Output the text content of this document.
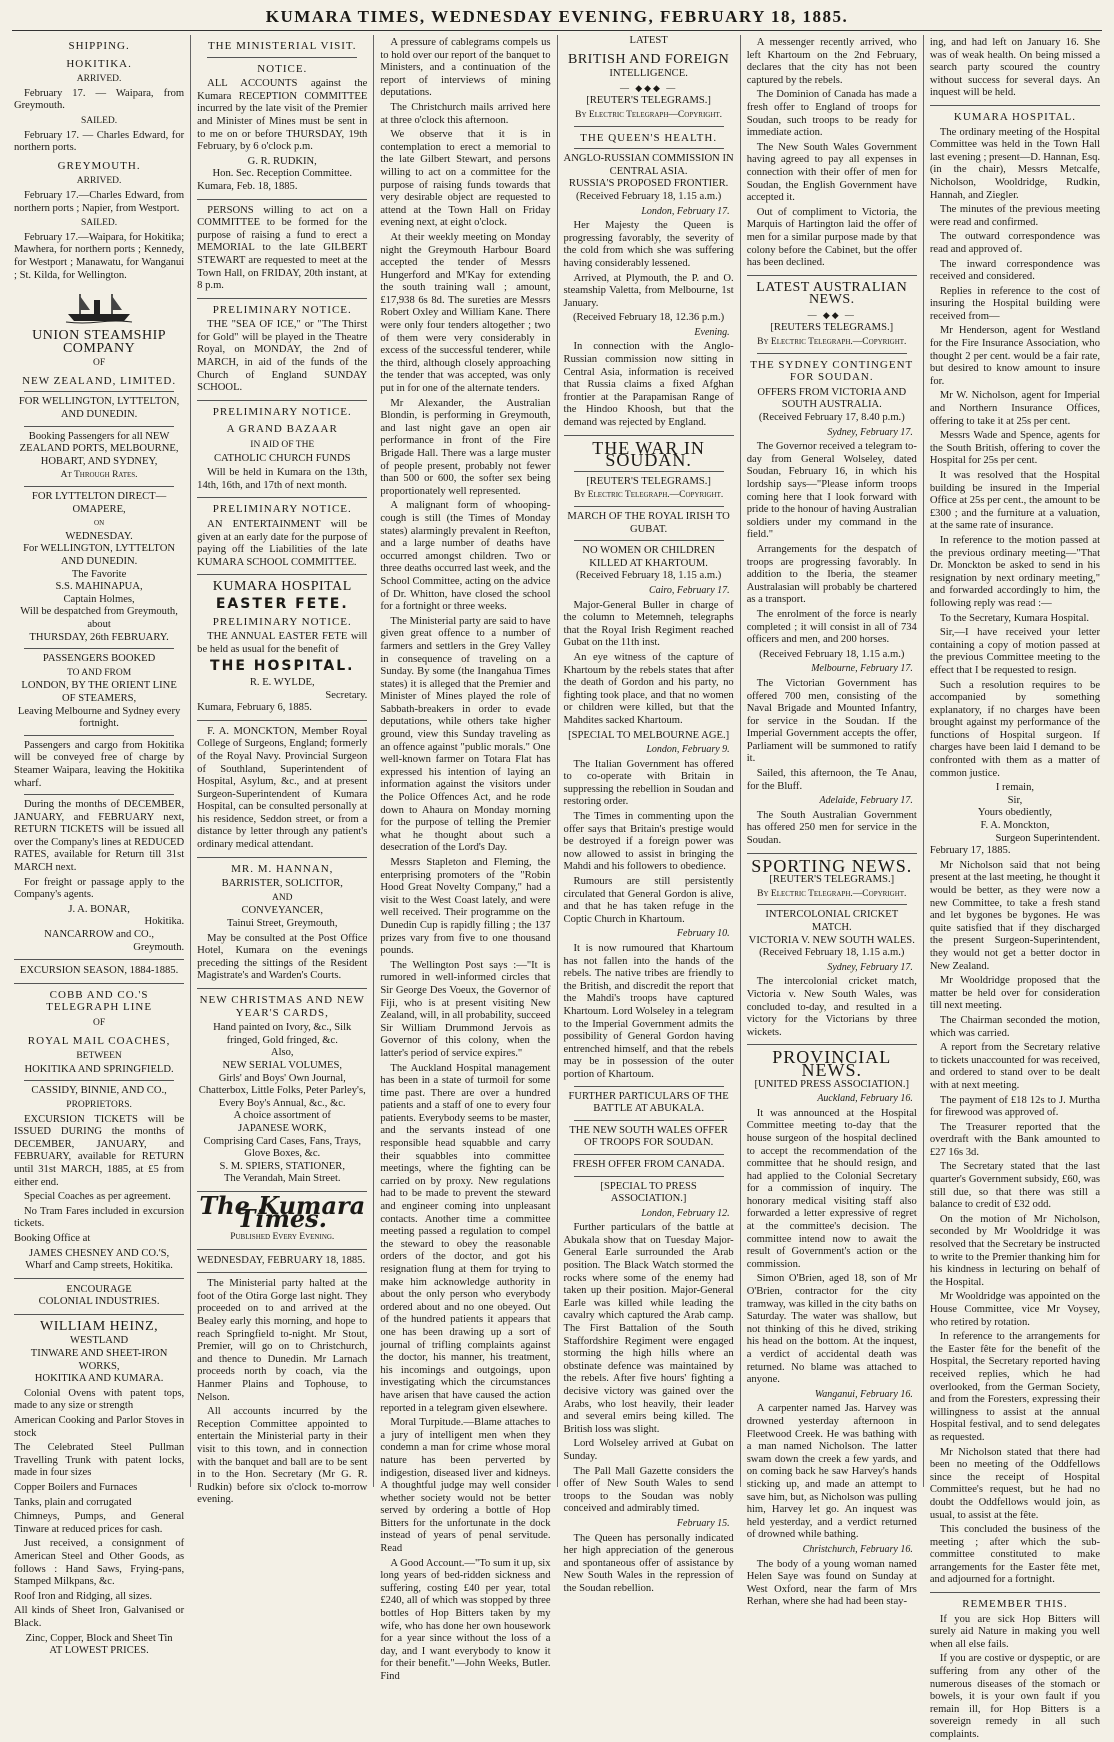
KUMARA TIMES, WEDNESDAY EVENING, FEBRUARY 18, 1885.
SHIPPING.
HOKITIKA.
ARRIVED.

February 17. — Waipara, from Greymouth.

SAILED.

February 17. — Charles Edward, for northern ports.

GREYMOUTH.
ARRIVED.

February 17.—Charles Edward, from northern ports ; Napier, from Westport.

SAILED.

February 17.—Waipara, for Hokitika; Mawhera, for northern ports ; Kennedy, for Westport ; Manawatu, for Wanganui ; St. Kilda, for Wellington.

UNION STEAMSHIP COMPANY
OF
NEW ZEALAND, LIMITED.
FOR WELLINGTON, LYTTELTON, AND DUNEDIN.
Booking Passengers for all NEW ZEALAND PORTS, MELBOURNE, HOBART, AND SYDNEY,
At Through Rates.
FOR LYTTELTON DIRECT— OMAPERE,
on
WEDNESDAY.
For WELLINGTON, LYTTELTON AND DUNEDIN.
The Favorite
S.S. MAHINAPUA,
Captain Holmes,
Will be despatched from Greymouth, about
THURSDAY, 26th FEBRUARY.
PASSENGERS BOOKED
TO AND FROM
LONDON, BY THE ORIENT LINE OF STEAMERS,
Leaving Melbourne and Sydney every fortnight.

Passengers and cargo from Hokitika will be conveyed free of charge by Steamer Waipara, leaving the Hokitika wharf.

During the months of DECEMBER, JANUARY, and FEBRUARY next, RETURN TICKETS will be issued all over the Company's lines at REDUCED RATES, available for Return till 31st MARCH next.

For freight or passage apply to the Company's agents.

J. A. BONAR,
Hokitika.
NANCARROW and CO.,
Greymouth.
EXCURSION SEASON, 1884-1885.
COBB AND CO.'S TELEGRAPH LINE
OF
ROYAL MAIL COACHES,
BETWEEN
HOKITIKA AND SPRINGFIELD.
CASSIDY, BINNIE, AND CO.,
PROPRIETORS.

EXCURSION TICKETS will be ISSUED DURING the months of DECEMBER, JANUARY, and FEBRUARY, available for RETURN until 31st MARCH, 1885, at £5 from either end.

Special Coaches as per agreement.

No Tram Fares included in excursion tickets.

Booking Office at

JAMES CHESNEY AND CO.'S,
Wharf and Camp streets, Hokitika.
ENCOURAGE
COLONIAL INDUSTRIES.
WILLIAM HEINZ,
WESTLAND
TINWARE AND SHEET-IRON WORKS,
HOKITIKA AND KUMARA.

Colonial Ovens with patent tops, made to any size or strength

American Cooking and Parlor Stoves in stock

The Celebrated Steel Pullman Travelling Trunk with patent locks, made in four sizes

Copper Boilers and Furnaces

Tanks, plain and corrugated

Chimneys, Pumps, and General Tinware at reduced prices for cash.

Just received, a consignment of American Steel and Other Goods, as follows : Hand Saws, Frying-pans, Stamped Milkpans, &c.

Roof Iron and Ridging, all sizes.

All kinds of Sheet Iron, Galvanised or Black.

Zinc, Copper, Block and Sheet Tin
AT LOWEST PRICES.
THE MINISTERIAL VISIT.
NOTICE.

ALL ACCOUNTS against the Kumara RECEPTION COMMITTEE incurred by the late visit of the Premier and Minister of Mines must be sent in to me on or before THURSDAY, 19th February, by 6 o'clock p.m.

G. R. RUDKIN,
Hon. Sec. Reception Committee.
Kumara, Feb. 18, 1885.

PERSONS willing to act on a COMMITTEE to be formed for the purpose of raising a fund to erect a MEMORIAL to the late GILBERT STEWART are requested to meet at the Town Hall, on FRIDAY, 20th instant, at 8 p.m.

PRELIMINARY NOTICE.

THE "SEA OF ICE," or "The Thirst for Gold" will be played in the Theatre Royal, on MONDAY, the 2nd of MARCH, in aid of the funds of the Church of England SUNDAY SCHOOL.

PRELIMINARY NOTICE.
A GRAND BAZAAR
IN AID OF THE
CATHOLIC CHURCH FUNDS

Will be held in Kumara on the 13th, 14th, 16th, and 17th of next month.

PRELIMINARY NOTICE.

AN ENTERTAINMENT will be given at an early date for the purpose of paying off the Liabilities of the late KUMARA SCHOOL COMMITTEE.

KUMARA HOSPITAL
EASTER FETE.
PRELIMINARY NOTICE.

THE ANNUAL EASTER FETE will be held as usual for the benefit of

THE HOSPITAL.
R. E. WYLDE,
Secretary.
Kumara, February 6, 1885.

F. A. MONCKTON, Member Royal College of Surgeons, England; formerly of the Royal Navy. Provincial Surgeon of Southland, Superintendent of Hospital, Asylum, &c., and at present Surgeon-Superintendent of Kumara Hospital, can be consulted personally at his residence, Seddon street, or from a distance by letter through any patient's ordinary medical attendant.

MR. M. HANNAN,
BARRISTER, SOLICITOR,
AND
CONVEYANCER,
Tainui Street, Greymouth,

May be consulted at the Post Office Hotel, Kumara on the evenings preceding the sittings of the Resident Magistrate's and Warden's Courts.

NEW CHRISTMAS AND NEW YEAR'S CARDS,
Hand painted on Ivory, &c., Silk fringed, Gold fringed, &c.
Also,
NEW SERIAL VOLUMES,
Girls' and Boys' Own Journal, Chatterbox, Little Folks, Peter Parley's, Every Boy's Annual, &c., &c.
A choice assortment of
JAPANESE WORK,
Comprising Card Cases, Fans, Trays, Glove Boxes, &c.
S. M. SPIERS, STATIONER,
The Verandah, Main Street.
The Kumara Times.
Published Every Evening.
WEDNESDAY, FEBRUARY 18, 1885.

The Ministerial party halted at the foot of the Otira Gorge last night. They proceeded on to and arrived at the Bealey early this morning, and hope to reach Springfield to-night. Mr Stout, Premier, will go on to Christchurch, and thence to Dunedin. Mr Larnach proceeds north by coach, via the Hanmer Plains and Tophouse, to Nelson.

All accounts incurred by the Reception Committee appointed to entertain the Ministerial party in their visit to this town, and in connection with the banquet and ball are to be sent in to the Hon. Secretary (Mr G. R. Rudkin) before six o'clock to-morrow evening.

A pressure of cablegrams compels us to hold over our report of the banquet to Ministers, and a continuation of the report of interviews of mining deputations.

The Christchurch mails arrived here at three o'clock this afternoon.

We observe that it is in contemplation to erect a memorial to the late Gilbert Stewart, and persons willing to act on a committee for the purpose of raising funds towards that very desirable object are requested to attend at the Town Hall on Friday evening next, at eight o'clock.

At their weekly meeting on Monday night the Greymouth Harbour Board accepted the tender of Messrs Hungerford and M'Kay for extending the south training wall ; amount, £17,938 6s 8d. The sureties are Messrs Robert Oxley and William Kane. There were only four tenders altogether ; two of them were very considerably in excess of the successful tenderer, while the third, although closely approaching the tender that was accepted, was only put in for one of the alternate tenders.

Mr Alexander, the Australian Blondin, is performing in Greymouth, and last night gave an open air performance in front of the Fire Brigade Hall. There was a large muster of people present, probably not fewer than 500 or 600, the softer sex being proportionately well represented.

A malignant form of whooping-cough is still (the Times of Monday states) alarmingly prevalent in Reefton, and a large number of deaths have occurred amongst children. Two or three deaths occurred last week, and the School Committee, acting on the advice of Dr. Whitton, have closed the school for a fortnight or three weeks.

The Ministerial party are said to have given great offence to a number of farmers and settlers in the Grey Valley in consequence of traveling on a Sunday. By some (the Inangahua Times states) it is alleged that the Premier and Minister of Mines played the role of Sabbath-breakers in order to evade deputations, while others take higher ground, view this Sunday traveling as an offence against "public morals." One well-known farmer on Totara Flat has expressed his intention of laying an information against the visitors under the Police Offences Act, and he rode down to Ahaura on Monday morning for the purpose of telling the Premier what he thought about such a desecration of the Lord's Day.

Messrs Stapleton and Fleming, the enterprising promoters of the "Robin Hood Great Novelty Company," had a visit to the West Coast lately, and were well received. Their programme on the Dunedin Cup is rapidly filling ; the 137 prizes vary from five to one thousand pounds.

The Wellington Post says :—"It is rumored in well-informed circles that Sir George Des Voeux, the Governor of Fiji, who is at present visiting New Zealand, will, in all probability, succeed Sir William Drummond Jervois as Governor of this colony, when the latter's period of service expires."

The Auckland Hospital management has been in a state of turmoil for some time past. There are over a hundred patients and a staff of one to every four patients. Everybody seems to be master, and the servants instead of one responsible head squabble and carry their squabbles into committee meetings, where the fighting can be carried on by proxy. New regulations had to be made to prevent the steward and engineer coming into unpleasant contacts. Another time a committee meeting passed a regulation to compel the steward to obey the reasonable orders of the doctor, and got his resignation flung at them for trying to make him acknowledge authority in about the only person who everybody ordered about and no one obeyed. Out of the hundred patients it appears that one has been drawing up a sort of journal of trifling complaints against the doctor, his manner, his treatment, his incomings and outgoings, upon investigating which the circumstances have arisen that have caused the action reported in a telegram given elsewhere.

Moral Turpitude.—Blame attaches to a jury of intelligent men when they condemn a man for crime whose moral nature has been perverted by indigestion, diseased liver and kidneys. A thoughtful judge may well consider whether society would not be better served by ordering a bottle of Hop Bitters for the unfortunate in the dock instead of years of penal servitude. Read

A Good Account.—"To sum it up, six long years of bed-ridden sickness and suffering, costing £40 per year, total £240, all of which was stopped by three bottles of Hop Bitters taken by my wife, who has done her own housework for a year since without the loss of a day, and I want everybody to know it for their benefit."—John Weeks, Butler. Find

LATEST
BRITISH AND FOREIGN
INTELLIGENCE.
— ◆◆◆ —
[REUTER'S TELEGRAMS.]
By Electric Telegraph—Copyright.
THE QUEEN'S HEALTH.
ANGLO-RUSSIAN COMMISSION IN CENTRAL ASIA.
RUSSIA'S PROPOSED FRONTIER.
(Received February 18, 1.15 a.m.)
London, February 17.

Her Majesty the Queen is progressing favorably, the severity of the cold from which she was suffering having considerably lessened.

Arrived, at Plymouth, the P. and O. steamship Valetta, from Melbourne, 1st January.

(Received February 18, 12.36 p.m.)
Evening.

In connection with the Anglo-Russian commission now sitting in Central Asia, information is received that Russia claims a fixed Afghan frontier at the Parapamisan Range of the Hindoo Khoosh, but that the demand was rejected by England.

THE WAR IN SOUDAN.
[REUTER'S TELEGRAMS.]
By Electric Telegraph.—Copyright.
MARCH OF THE ROYAL IRISH TO GUBAT.
NO WOMEN OR CHILDREN KILLED AT KHARTOUM.
(Received February 18, 1.15 a.m.)
Cairo, February 17.

Major-General Buller in charge of the column to Metemneh, telegraphs that the Royal Irish Regiment reached Gubat on the 11th inst.

An eye witness of the capture of Khartoum by the rebels states that after the death of Gordon and his party, no fighting took place, and that no women or children were killed, but that the Mahdites sacked Khartoum.

[SPECIAL TO MELBOURNE AGE.]
London, February 9.

The Italian Government has offered to co-operate with Britain in suppressing the rebellion in Soudan and restoring order.

The Times in commenting upon the offer says that Britain's prestige would be destroyed if a foreign power was now allowed to assist in bringing the Mahdi and his followers to obedience.

Rumours are still persistently circulated that General Gordon is alive, and that he has taken refuge in the Coptic Church in Khartoum.

February 10.

It is now rumoured that Khartoum has not fallen into the hands of the rebels. The native tribes are friendly to the British, and discredit the report that the Mahdi's troops have captured Khartoum. Lord Wolseley in a telegram to the Imperial Government admits the possibility of General Gordon having entrenched himself, and that the rebels may be in possession of the outer portion of Khartoum.

FURTHER PARTICULARS OF THE BATTLE AT ABUKALA.
THE NEW SOUTH WALES OFFER OF TROOPS FOR SOUDAN.
FRESH OFFER FROM CANADA.
[SPECIAL TO PRESS ASSOCIATION.]
London, February 12.

Further particulars of the battle at Abukala show that on Tuesday Major-General Earle surrounded the Arab position. The Black Watch stormed the rocks where some of the enemy had taken up their position. Major-General Earle was killed while leading the cavalry which captured the Arab camp. The First Battalion of the South Staffordshire Regiment were engaged storming the high hills where an obstinate defence was maintained by the rebels. After five hours' fighting a decisive victory was gained over the Arabs, who lost heavily, their leader and several emirs being killed. The British loss was slight.

Lord Wolseley arrived at Gubat on Sunday.

The Pall Mall Gazette considers the offer of New South Wales to send troops to the Soudan was nobly conceived and admirably timed.

February 15.

The Queen has personally indicated her high appreciation of the generous and spontaneous offer of assistance by New South Wales in the repression of the Soudan rebellion.

A messenger recently arrived, who left Khartoum on the 2nd February, declares that the city has not been captured by the rebels.

The Dominion of Canada has made a fresh offer to England of troops for Soudan, such troops to be ready for immediate action.

The New South Wales Government having agreed to pay all expenses in connection with their offer of men for Soudan, the English Government have accepted it.

Out of compliment to Victoria, the Marquis of Hartington laid the offer of men for a similar purpose made by that colony before the Cabinet, but the offer has been declined.

LATEST AUSTRALIAN NEWS.
— ◆◆ —
[REUTERS TELEGRAMS.]
By Electric Telegraph.—Copyright.
THE SYDNEY CONTINGENT FOR SOUDAN.
OFFERS FROM VICTORIA AND SOUTH AUSTRALIA.
(Received February 17, 8.40 p.m.)
Sydney, February 17.

The Governor received a telegram to-day from General Wolseley, dated Soudan, February 16, in which his lordship says—"Please inform troops coming here that I look forward with pride to the honour of having Australian soldiers under my command in the field."

Arrangements for the despatch of troops are progressing favorably. In addition to the Iberia, the steamer Australasian will probably be chartered as a transport.

The enrolment of the force is nearly completed ; it will consist in all of 734 officers and men, and 200 horses.

(Received February 18, 1.15 a.m.)
Melbourne, February 17.

The Victorian Government has offered 700 men, consisting of the Naval Brigade and Mounted Infantry, for service in the Soudan. If the Imperial Government accepts the offer, Parliament will be summoned to ratify it.

Sailed, this afternoon, the Te Anau, for the Bluff.

Adelaide, February 17.

The South Australian Government has offered 250 men for service in the Soudan.

SPORTING NEWS.
[REUTER'S TELEGRAMS.]
By Electric Telegraph.—Copyright.
INTERCOLONIAL CRICKET MATCH.
VICTORIA V. NEW SOUTH WALES.
(Received February 18, 1.15 a.m.)
Sydney, February 17.

The intercolonial cricket match, Victoria v. New South Wales, was concluded to-day, and resulted in a victory for the Victorians by three wickets.

PROVINCIAL NEWS.
[UNITED PRESS ASSOCIATION.]
Auckland, February 16.

It was announced at the Hospital Committee meeting to-day that the house surgeon of the hospital declined to accept the recommendation of the committee that he should resign, and had applied to the Colonial Secretary for a commission of inquiry. The honorary medical visiting staff also forwarded a letter expressive of regret at the committee's decision. The committee intend now to await the result of Government's action or the commission.

Simon O'Brien, aged 18, son of Mr O'Brien, contractor for the city tramway, was killed in the city baths on Saturday. The water was shallow, but not thinking of this he dived, striking his head on the bottom. At the inquest, a verdict of accidental death was returned. No blame was attached to anyone.

Wanganui, February 16.

A carpenter named Jas. Harvey was drowned yesterday afternoon in Fleetwood Creek. He was bathing with a man named Nicholson. The latter swam down the creek a few yards, and on coming back he saw Harvey's hands sticking up, and made an attempt to save him, but, as Nicholson was pulling him, Harvey let go. An inquest was held yesterday, and a verdict returned of drowned while bathing.

Christchurch, February 16.

The body of a young woman named Helen Saye was found on Sunday at West Oxford, near the farm of Mrs Rerhan, where she had had been stay-

ing, and had left on January 16. She was of weak health. On being missed a search party scoured the country without success for several days. An inquest will be held.

KUMARA HOSPITAL.

The ordinary meeting of the Hospital Committee was held in the Town Hall last evening ; present—D. Hannan, Esq. (in the chair), Messrs Metcalfe, Nicholson, Wooldridge, Rudkin, Hannah, and Ziegler.

The minutes of the previous meeting were read and confirmed.

The outward correspondence was read and approved of.

The inward correspondence was received and considered.

Replies in reference to the cost of insuring the Hospital building were received from—

Mr Henderson, agent for Westland for the Fire Insurance Association, who thought 2 per cent. would be a fair rate, but desired to know amount to insure for.

Mr W. Nicholson, agent for Imperial and Northern Insurance Offices, offering to take it at 25s per cent.

Messrs Wade and Spence, agents for the South British, offering to cover the Hospital for 25s per cent.

It was resolved that the Hospital building be insured in the Imperial Office at 25s per cent., the amount to be £300 ; and the furniture at a valuation, at the same rate of insurance.

In reference to the motion passed at the previous ordinary meeting—"That Dr. Monckton be asked to send in his resignation by next ordinary meeting," and forwarded accordingly to him, the following reply was read :—

To the Secretary, Kumara Hospital.

Sir,—I have received your letter containing a copy of motion passed at the previous Committee meeting to the effect that I be requested to resign.

Such a resolution requires to be accompanied by something explanatory, if no charges have been brought against my performance of the functions of Hospital surgeon. If charges have been laid I demand to be confronted with them as a matter of common justice.

I remain,
Sir,
Yours obediently,
F. A. Monckton,
Surgeon Superintendent.
February 17, 1885.

Mr Nicholson said that not being present at the last meeting, he thought it would be better, as they were now a new Committee, to take a fresh stand and let bygones be bygones. He was quite satisfied that if they discharged the present Surgeon-Superintendent, they would not get a better doctor in New Zealand.

Mr Wooldridge proposed that the matter be held over for consideration till next meeting.

The Chairman seconded the motion, which was carried.

A report from the Secretary relative to tickets unaccounted for was received, and ordered to stand over to be dealt with at next meeting.

The payment of £18 12s to J. Murtha for firewood was approved of.

The Treasurer reported that the overdraft with the Bank amounted to £27 16s 3d.

The Secretary stated that the last quarter's Government subsidy, £60, was still due, so that there was still a balance to credit of £32 odd.

On the motion of Mr Nicholson, seconded by Mr Wooldridge it was resolved that the Secretary be instructed to write to the Premier thanking him for his kindness in lecturing on behalf of the Hospital.

Mr Wooldridge was appointed on the House Committee, vice Mr Voysey, who retired by rotation.

In reference to the arrangements for the Easter fête for the benefit of the Hospital, the Secretary reported having received replies, which he had overlooked, from the German Society, and from the Foresters, expressing their willingness to assist at the annual Hospital festival, and to send delegates as requested.

Mr Nicholson stated that there had been no meeting of the Oddfellows since the receipt of Hospital Committee's request, but he had no doubt the Oddfellows would join, as usual, to assist at the fête.

This concluded the business of the meeting ; after which the sub-committee constituted to make arrangements for the Easter fête met, and adjourned for a fortnight.

REMEMBER THIS.

If you are sick Hop Bitters will surely aid Nature in making you well when all else fails.

If you are costive or dyspeptic, or are suffering from any other of the numerous diseases of the stomach or bowels, it is your own fault if you remain ill, for Hop Bitters is a sovereign remedy in all such complaints.
